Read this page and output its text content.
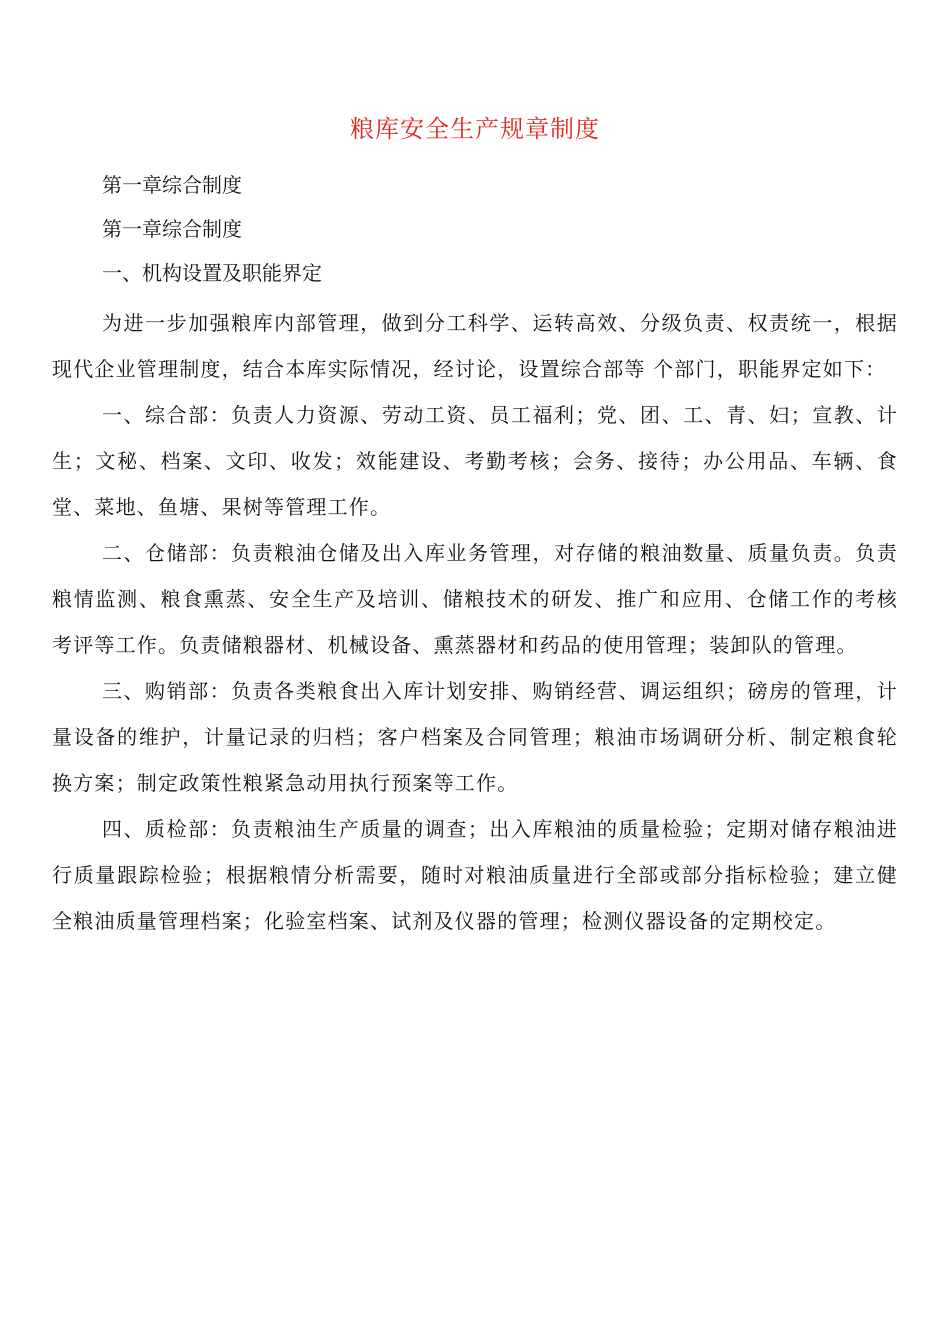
粮库安全生产规章制度
第一章综合制度
第一章综合制度
一、机构设置及职能界定

为进一步加强粮库内部管理，做到分工科学、运转高效、分级负责、权责统一，根据现代企业管理制度，结合本库实际情况，经讨论，设置综合部等 个部门，职能界定如下：

一、综合部：负责人力资源、劳动工资、员工福利；党、团、工、青、妇；宣教、计生；文秘、档案、文印、收发；效能建设、考勤考核；会务、接待；办公用品、车辆、食堂、菜地、鱼塘、果树等管理工作。

二、仓储部：负责粮油仓储及出入库业务管理，对存储的粮油数量、质量负责。负责粮情监测、粮食熏蒸、安全生产及培训、储粮技术的研发、推广和应用、仓储工作的考核考评等工作。负责储粮器材、机械设备、熏蒸器材和药品的使用管理；装卸队的管理。

三、购销部：负责各类粮食出入库计划安排、购销经营、调运组织；磅房的管理，计量设备的维护，计量记录的归档；客户档案及合同管理；粮油市场调研分析、制定粮食轮换方案；制定政策性粮紧急动用执行预案等工作。

四、质检部：负责粮油生产质量的调查；出入库粮油的质量检验；定期对储存粮油进行质量跟踪检验；根据粮情分析需要，随时对粮油质量进行全部或部分指标检验；建立健全粮油质量管理档案；化验室档案、试剂及仪器的管理；检测仪器设备的定期校定。
